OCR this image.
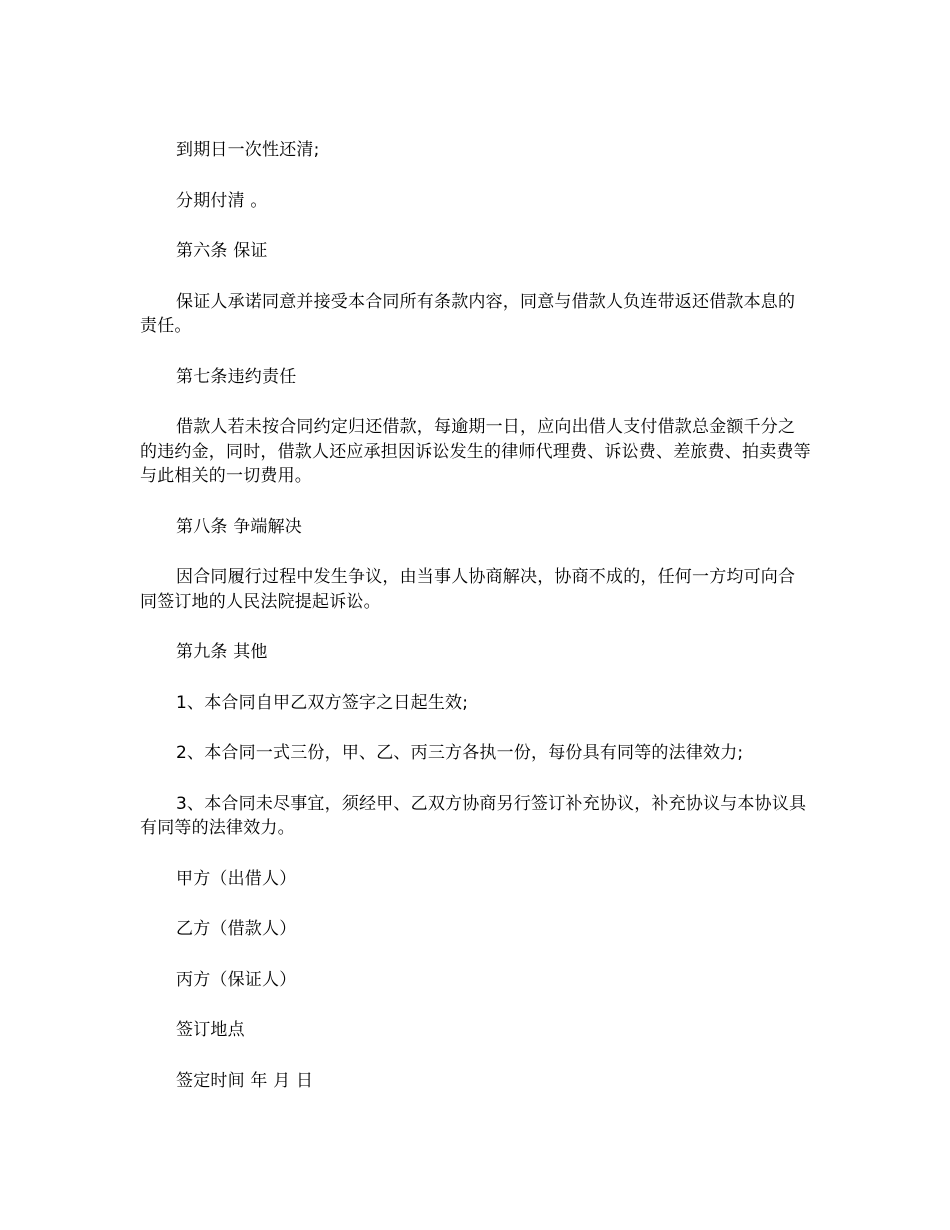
到期日一次性还清;

分期付清 。

第六条 保证

保证人承诺同意并接受本合同所有条款内容，同意与借款人负连带返还借款本息的责任。

第七条违约责任

借款人若未按合同约定归还借款，每逾期一日，应向出借人支付借款总金额千分之 的违约金，同时，借款人还应承担因诉讼发生的律师代理费、诉讼费、差旅费、拍卖费等与此相关的一切费用。

第八条 争端解决

因合同履行过程中发生争议，由当事人协商解决，协商不成的，任何一方均可向合同签订地的人民法院提起诉讼。

第九条 其他

1、本合同自甲乙双方签字之日起生效;

2、本合同一式三份，甲、乙、丙三方各执一份，每份具有同等的法律效力;

3、本合同未尽事宜，须经甲、乙双方协商另行签订补充协议，补充协议与本协议具有同等的法律效力。

甲方（出借人）

乙方（借款人）

丙方（保证人）

签订地点

签定时间 年 月 日
